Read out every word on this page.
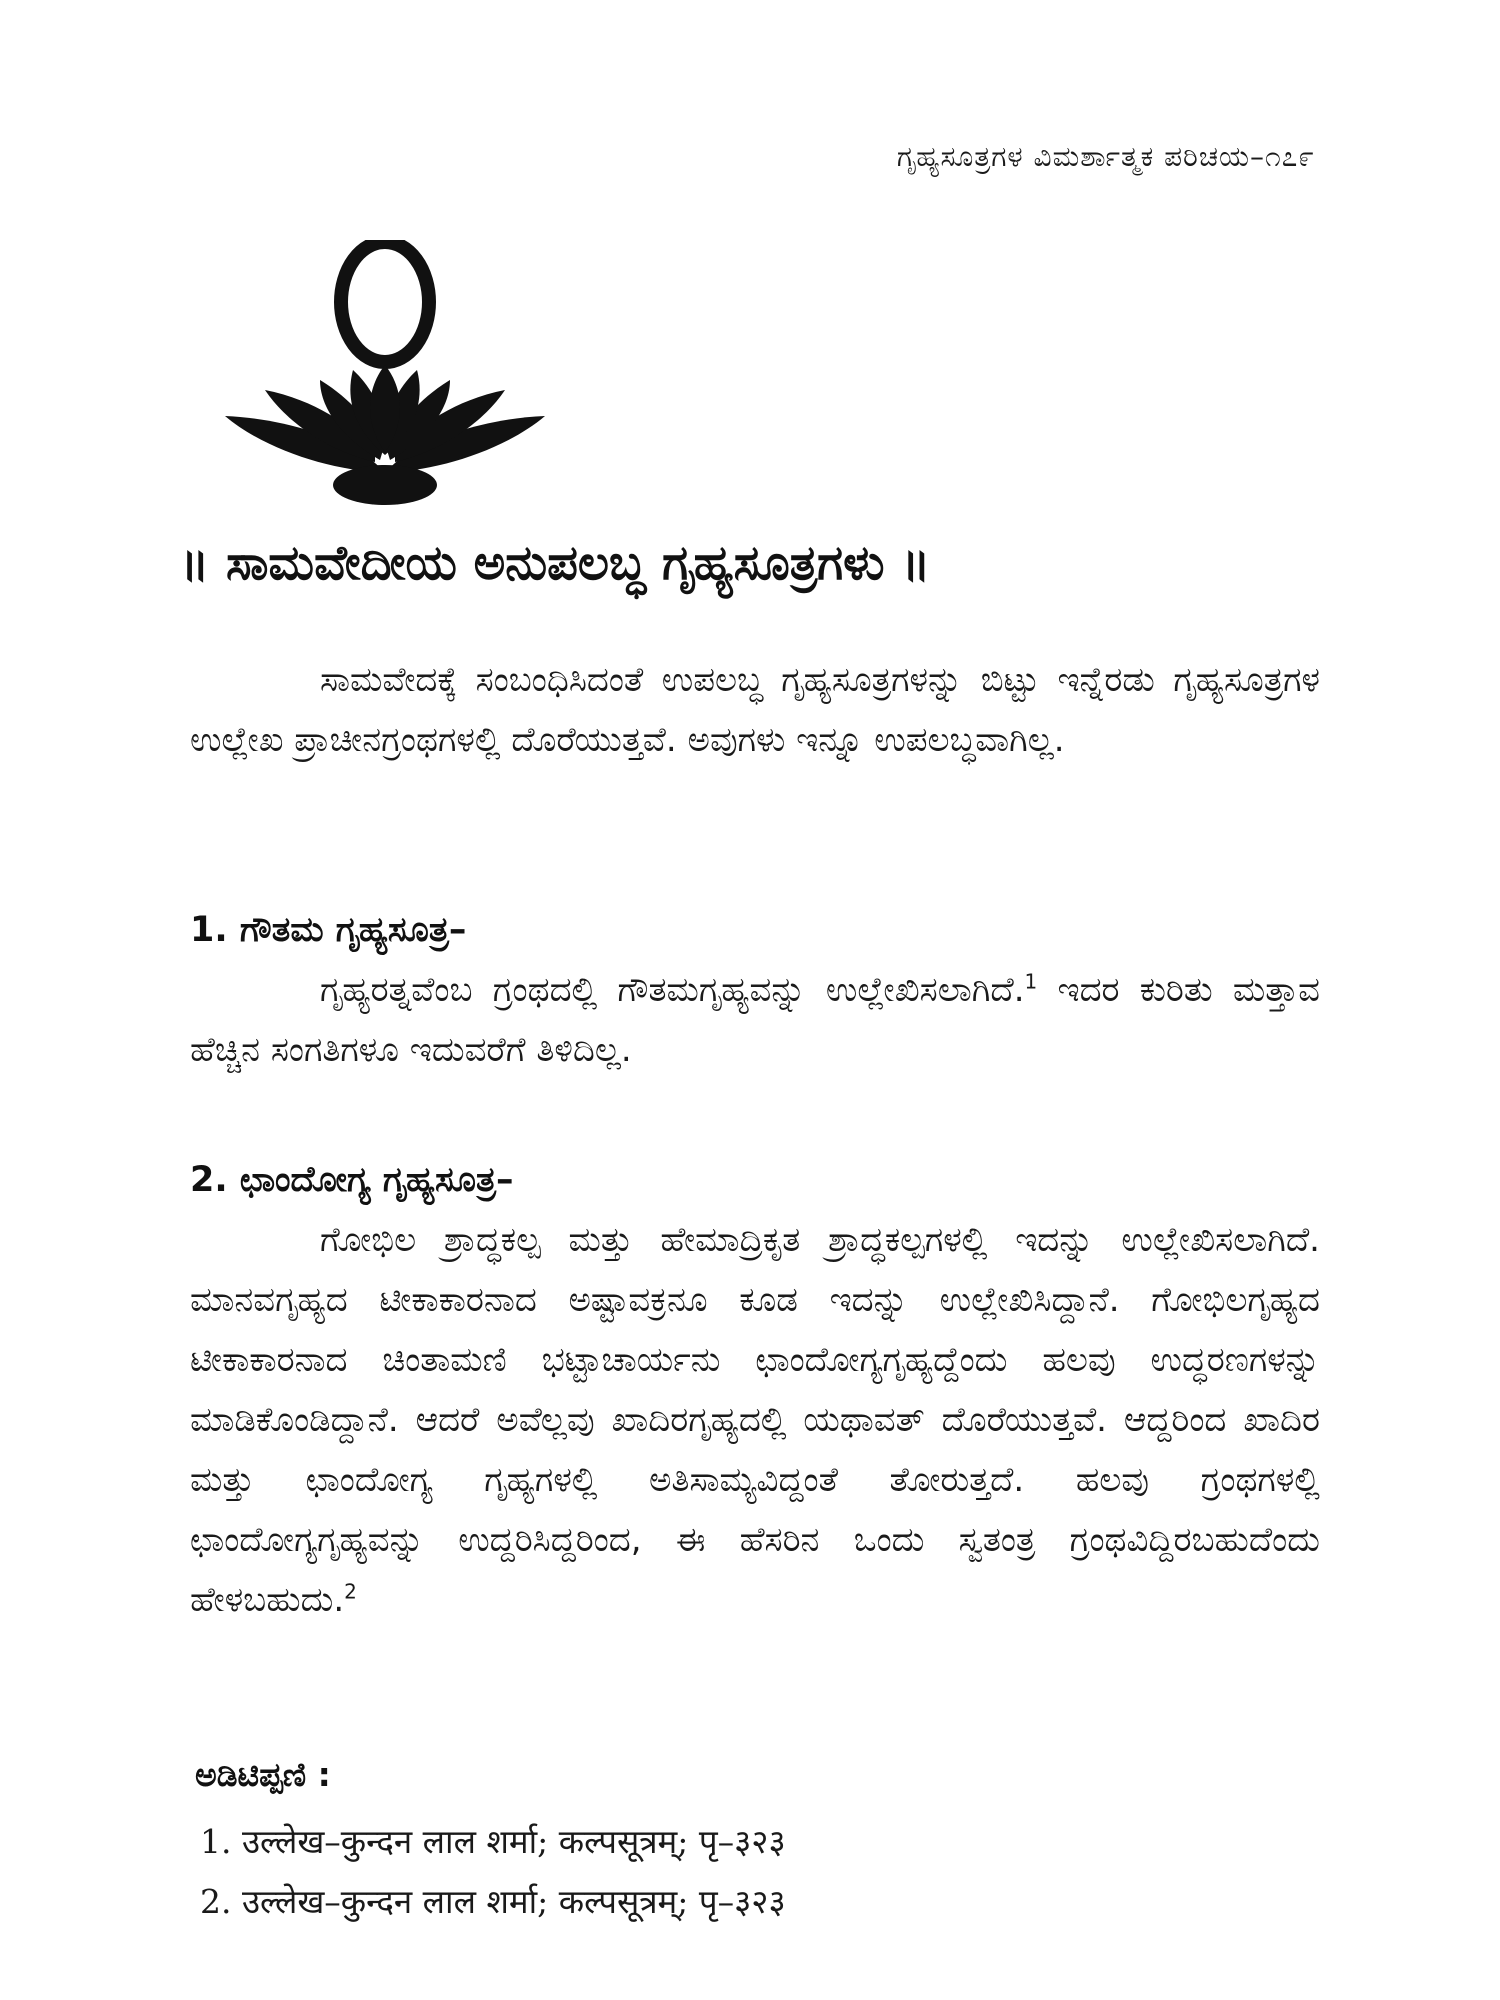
ಗೃಹ್ಯಸೂತ್ರಗಳ ವಿಮರ್ಶಾತ್ಮಕ ಪರಿಚಯ–೧೭೯
॥ ಸಾಮವೇದೀಯ ಅನುಪಲಬ್ಧ ಗೃಹ್ಯಸೂತ್ರಗಳು ॥

ಸಾಮವೇದಕ್ಕೆ ಸಂಬಂಧಿಸಿದಂತೆ ಉಪಲಬ್ಧ ಗೃಹ್ಯಸೂತ್ರಗಳನ್ನು ಬಿಟ್ಟು ಇನ್ನೆರಡು ಗೃಹ್ಯಸೂತ್ರಗಳ ಉಲ್ಲೇಖ ಪ್ರಾಚೀನಗ್ರಂಥಗಳಲ್ಲಿ ದೊರೆಯುತ್ತವೆ. ಅವುಗಳು ಇನ್ನೂ ಉಪಲಬ್ಧವಾಗಿಲ್ಲ.

1. ಗೌತಮ ಗೃಹ್ಯಸೂತ್ರ–

ಗೃಹ್ಯರತ್ನವೆಂಬ ಗ್ರಂಥದಲ್ಲಿ ಗೌತಮಗೃಹ್ಯವನ್ನು ಉಲ್ಲೇಖಿಸಲಾಗಿದೆ.$^1$ ಇದರ ಕುರಿತು ಮತ್ತಾವ ಹೆಚ್ಚಿನ ಸಂಗತಿಗಳೂ ಇದುವರೆಗೆ ತಿಳಿದಿಲ್ಲ.

2. ಛಾಂದೋಗ್ಯ ಗೃಹ್ಯಸೂತ್ರ–

ಗೋಭಿಲ ಶ್ರಾದ್ಧಕಲ್ಪ ಮತ್ತು ಹೇಮಾದ್ರಿಕೃತ ಶ್ರಾದ್ಧಕಲ್ಪಗಳಲ್ಲಿ ಇದನ್ನು ಉಲ್ಲೇಖಿಸಲಾಗಿದೆ. ಮಾನವಗೃಹ್ಯದ ಟೀಕಾಕಾರನಾದ ಅಷ್ಟಾವಕ್ರನೂ ಕೂಡ ಇದನ್ನು ಉಲ್ಲೇಖಿಸಿದ್ದಾನೆ. ಗೋಭಿಲಗೃಹ್ಯದ ಟೀಕಾಕಾರನಾದ ಚಿಂತಾಮಣಿ ಭಟ್ಟಾಚಾರ್ಯನು ಛಾಂದೋಗ್ಯಗೃಹ್ಯದ್ದೆಂದು ಹಲವು ಉದ್ಧರಣಗಳನ್ನು ಮಾಡಿಕೊಂಡಿದ್ದಾನೆ. ಆದರೆ ಅವೆಲ್ಲವು ಖಾದಿರಗೃಹ್ಯದಲ್ಲಿ ಯಥಾವತ್ ದೊರೆಯುತ್ತವೆ. ಆದ್ದರಿಂದ ಖಾದಿರ ಮತ್ತು ಛಾಂದೋಗ್ಯ ಗೃಹ್ಯಗಳಲ್ಲಿ ಅತಿಸಾಮ್ಯವಿದ್ದಂತೆ ತೋರುತ್ತದೆ. ಹಲವು ಗ್ರಂಥಗಳಲ್ಲಿ ಛಾಂದೋಗ್ಯಗೃಹ್ಯವನ್ನು ಉದ್ದರಿಸಿದ್ದರಿಂದ, ಈ ಹೆಸರಿನ ಒಂದು ಸ್ವತಂತ್ರ ಗ್ರಂಥವಿದ್ದಿರಬಹುದೆಂದು ಹೇಳಬಹುದು.$^2$

ಅಡಿಟಿಪ್ಪಣಿ :
1. उल्लेख–कुन्दन लाल शर्मा; कल्पसूत्रम्; पृ–३२३
2. उल्लेख–कुन्दन लाल शर्मा; कल्पसूत्रम्; पृ–३२३
